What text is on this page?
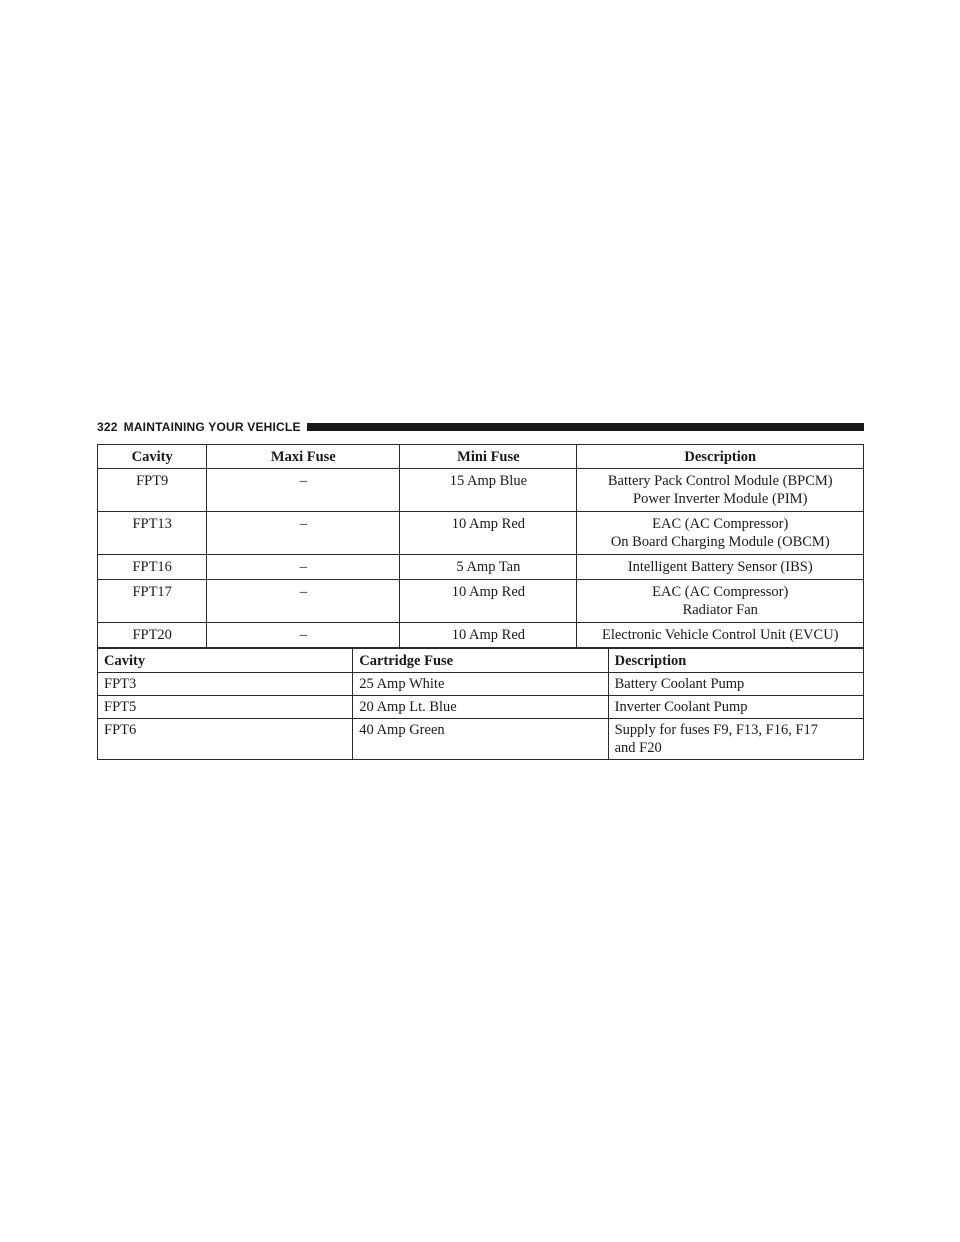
322 MAINTAINING YOUR VEHICLE
Cavity	Maxi Fuse	Mini Fuse	Description
FPT9	–	15 Amp Blue	Battery Pack Control Module (BPCM)
Power Inverter Module (PIM)

FPT13	–	10 Amp Red	EAC (AC Compressor)
On Board Charging Module (OBCM)

FPT16	–	5 Amp Tan	Intelligent Battery Sensor (IBS)

FPT17	–	10 Amp Red	EAC (AC Compressor)
Radiator Fan

FPT20	–	10 Amp Red	Electronic Vehicle Control Unit (EVCU)
Cavity	Cartridge Fuse	Description
FPT3	25 Amp White	Battery Coolant Pump

FPT5	20 Amp Lt. Blue	Inverter Coolant Pump

FPT6	40 Amp Green	Supply for fuses F9, F13, F16, F17
and F20
